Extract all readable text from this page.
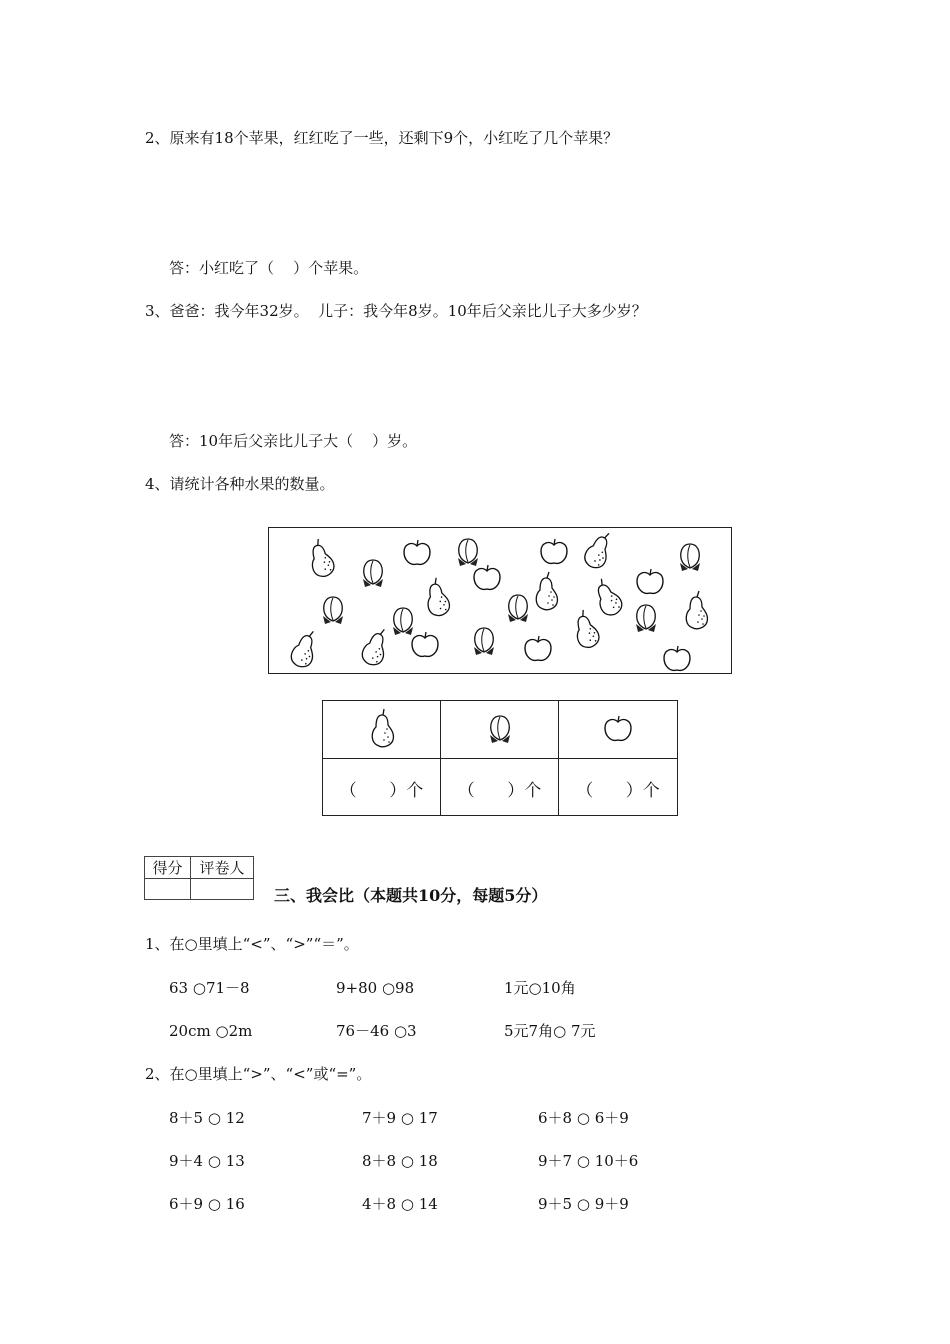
2、原来有18个苹果，红红吃了一些，还剩下9个，小红吃了几个苹果？
答：小红吃了（    ）个苹果。
3、爸爸：我今年32岁。  儿子：我今年8岁。10年后父亲比儿子大多少岁？
答：10年后父亲比儿子大（    ）岁。
4、请统计各种水果的数量。
（      ）个	（      ）个	（      ）个
得分	评卷人
三、我会比（本题共10分，每题5分）
1、在○里填上“<”、“>”“＝”。
63 ○71－8	9+80 ○98	1元○10角
20cm ○2m	76－46 ○3	5元7角○ 7元
2、在○里填上“>”、“<”或“=”。
8＋5 ○ 12	7＋9 ○ 17	6＋8 ○ 6＋9
9＋4 ○ 13	8＋8 ○ 18	9＋7 ○ 10＋6
6＋9 ○ 16	4＋8 ○ 14	9＋5 ○ 9＋9
